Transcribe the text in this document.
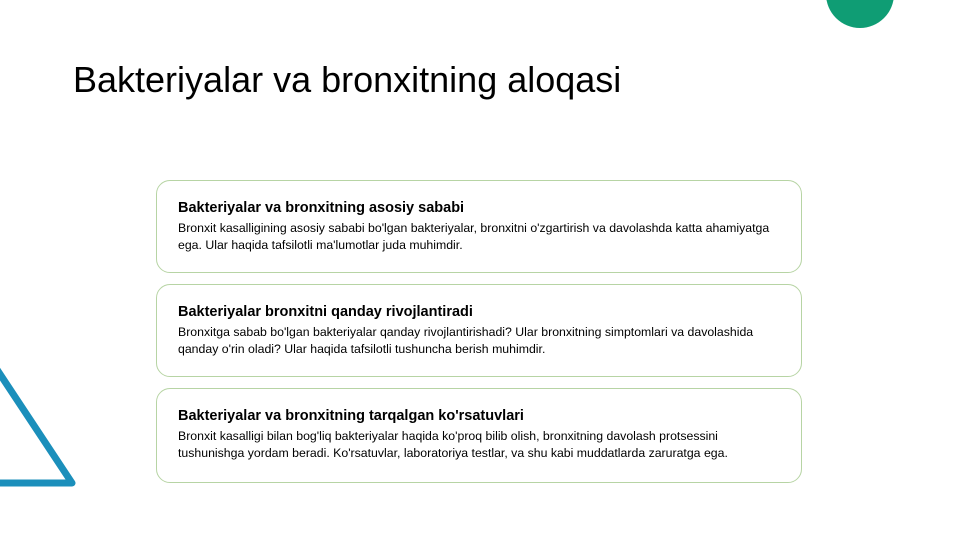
Bakteriyalar va bronxitning aloqasi
Bakteriyalar va bronxitning asosiy sababi

Bronxit kasalligining asosiy sababi bo'lgan bakteriyalar, bronxitni o'zgartirish va davolashda katta ahamiyatga ega. Ular haqida tafsilotli ma'lumotlar juda muhimdir.

Bakteriyalar bronxitni qanday rivojlantiradi

Bronxitga sabab bo'lgan bakteriyalar qanday rivojlantirishadi? Ular bronxitning simptomlari va davolashida qanday o'rin oladi? Ular haqida tafsilotli tushuncha berish muhimdir.

Bakteriyalar va bronxitning tarqalgan ko'rsatuvlari

Bronxit kasalligi bilan bog'liq bakteriyalar haqida ko'proq bilib olish, bronxitning davolash protsessini tushunishga yordam beradi. Ko'rsatuvlar, laboratoriya testlar, va shu kabi muddatlarda zaruratga ega.
